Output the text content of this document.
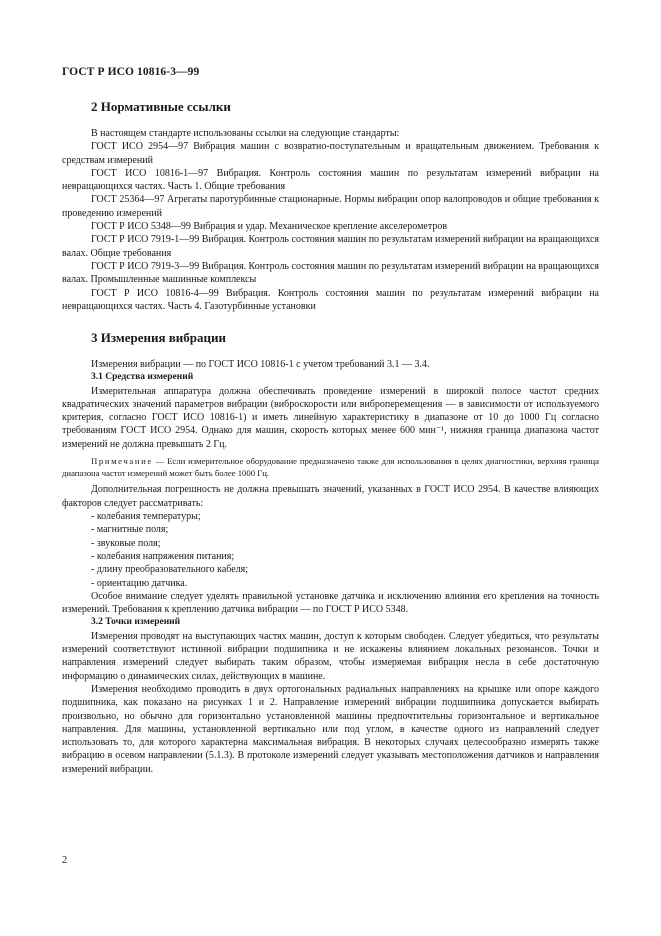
ГОСТ Р ИСО 10816-3—99
2 Нормативные ссылки

В настоящем стандарте использованы ссылки на следующие стандарты:

ГОСТ ИСО 2954—97 Вибрация машин с возвратно-поступательным и вращательным движением. Требования к средствам измерений

ГОСТ ИСО 10816-1—97 Вибрация. Контроль состояния машин по результатам измерений вибрации на невращающихся частях. Часть 1. Общие требования

ГОСТ 25364—97 Агрегаты паротурбинные стационарные. Нормы вибрации опор валопроводов и общие требования к проведению измерений

ГОСТ Р ИСО 5348—99 Вибрация и удар. Механическое крепление акселерометров

ГОСТ Р ИСО 7919-1—99 Вибрация. Контроль состояния машин по результатам измерений вибрации на вращающихся валах. Общие требования

ГОСТ Р ИСО 7919-3—99 Вибрация. Контроль состояния машин по результатам измерений вибрации на вращающихся валах. Промышленные машинные комплексы

ГОСТ Р ИСО 10816-4—99 Вибрация. Контроль состояния машин по результатам измерений вибрации на невращающихся частях. Часть 4. Газотурбинные установки

3 Измерения вибрации

Измерения вибрации — по ГОСТ ИСО 10816-1 с учетом требований 3.1 — 3.4.

3.1 Средства измерений

Измерительная аппаратура должна обеспечивать проведение измерений в широкой полосе частот средних квадратических значений параметров вибрации (виброскорости или виброперемещения — в зависимости от используемого критерия, согласно ГОСТ ИСО 10816-1) и иметь линейную характеристику в диапазоне от 10 до 1000 Гц согласно требованиям ГОСТ ИСО 2954. Однако для машин, скорость которых менее 600 мин⁻¹, нижняя граница диапазона частот измерений не должна превышать 2 Гц.

Примечание — Если измерительное оборудование предназначено также для использования в целях диагностики, верхняя граница диапазона частот измерений может быть более 1000 Гц.

Дополнительная погрешность не должна превышать значений, указанных в ГОСТ ИСО 2954. В качестве влияющих факторов следует рассматривать:

- колебания температуры;

- магнитные поля;

- звуковые поля;

- колебания напряжения питания;

- длину преобразовательного кабеля;

- ориентацию датчика.

Особое внимание следует уделять правильной установке датчика и исключению влияния его крепления на точность измерений. Требования к креплению датчика вибрации — по ГОСТ Р ИСО 5348.

3.2 Точки измерений

Измерения проводят на выступающих частях машин, доступ к которым свободен. Следует убедиться, что результаты измерений соответствуют истинной вибрации подшипника и не искажены влиянием локальных резонансов. Точки и направления измерений следует выбирать таким образом, чтобы измеряемая вибрация несла в себе достаточную информацию о динамических силах, действующих в машине.

Измерения необходимо проводить в двух ортогональных радиальных направлениях на крышке или опоре каждого подшипника, как показано на рисунках 1 и 2. Направление измерений вибрации подшипника допускается выбирать произвольно, но обычно для горизонтально установленной машины предпочтительны горизонтальное и вертикальное направления. Для машины, установленной вертикально или под углом, в качестве одного из направлений следует использовать то, для которого характерна максимальная вибрация. В некоторых случаях целесообразно измерять также вибрацию в осевом направлении (5.1.3). В протоколе измерений следует указывать местоположения датчиков и направления измерений вибрации.

2
